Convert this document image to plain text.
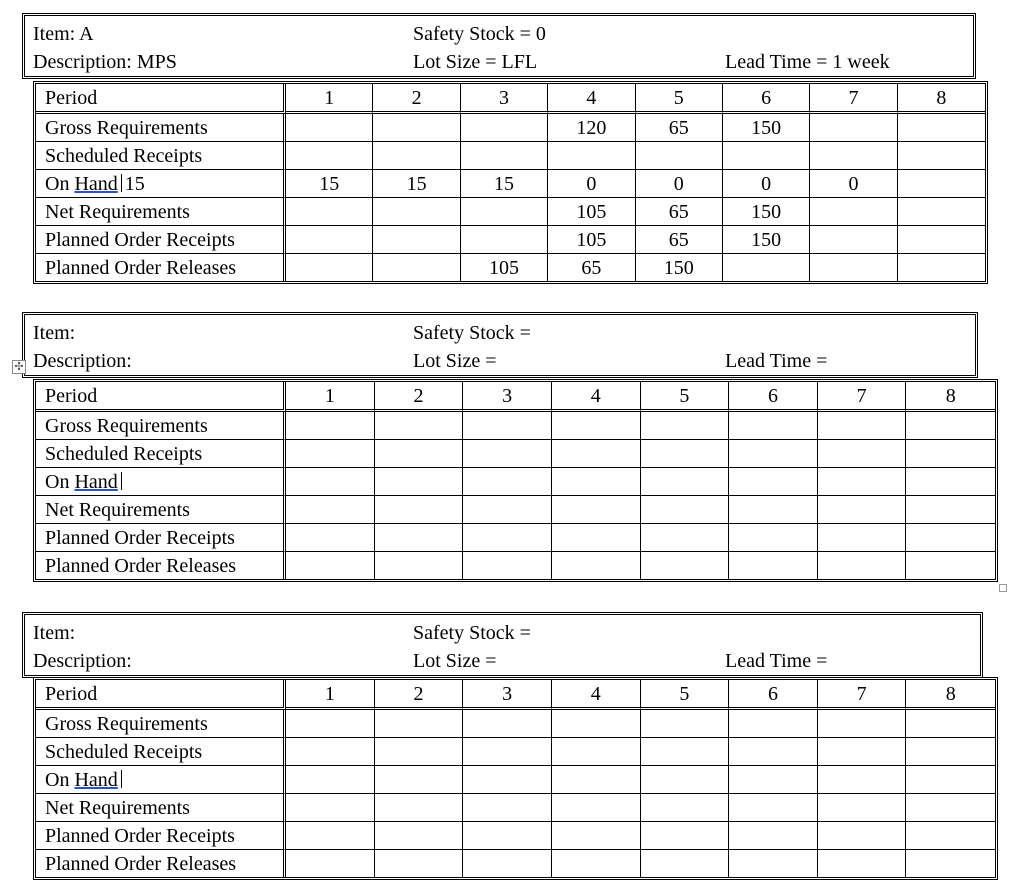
Item: A
Description: MPS
Safety Stock = 0
Lot Size = LFL	Lead Time = 1 week
Period	1	2	3	4	5	6	7	8
Gross Requirements				120	65	150		
Scheduled Receipts								
On Hand 15	15	15	15	0	0	0	0	
Net Requirements				105	65	150		
Planned Order Receipts				105	65	150		
Planned Order Releases			105	65	150			
Item:
Description:
Safety Stock =
Lot Size =	Lead Time =
✣
Period	1	2	3	4	5	6	7	8
Gross Requirements								
Scheduled Receipts								
On Hand								
Net Requirements								
Planned Order Receipts								
Planned Order Releases								
Item:
Description:
Safety Stock =
Lot Size =	Lead Time =
Period	1	2	3	4	5	6	7	8
Gross Requirements								
Scheduled Receipts								
On Hand								
Net Requirements								
Planned Order Receipts								
Planned Order Releases								
